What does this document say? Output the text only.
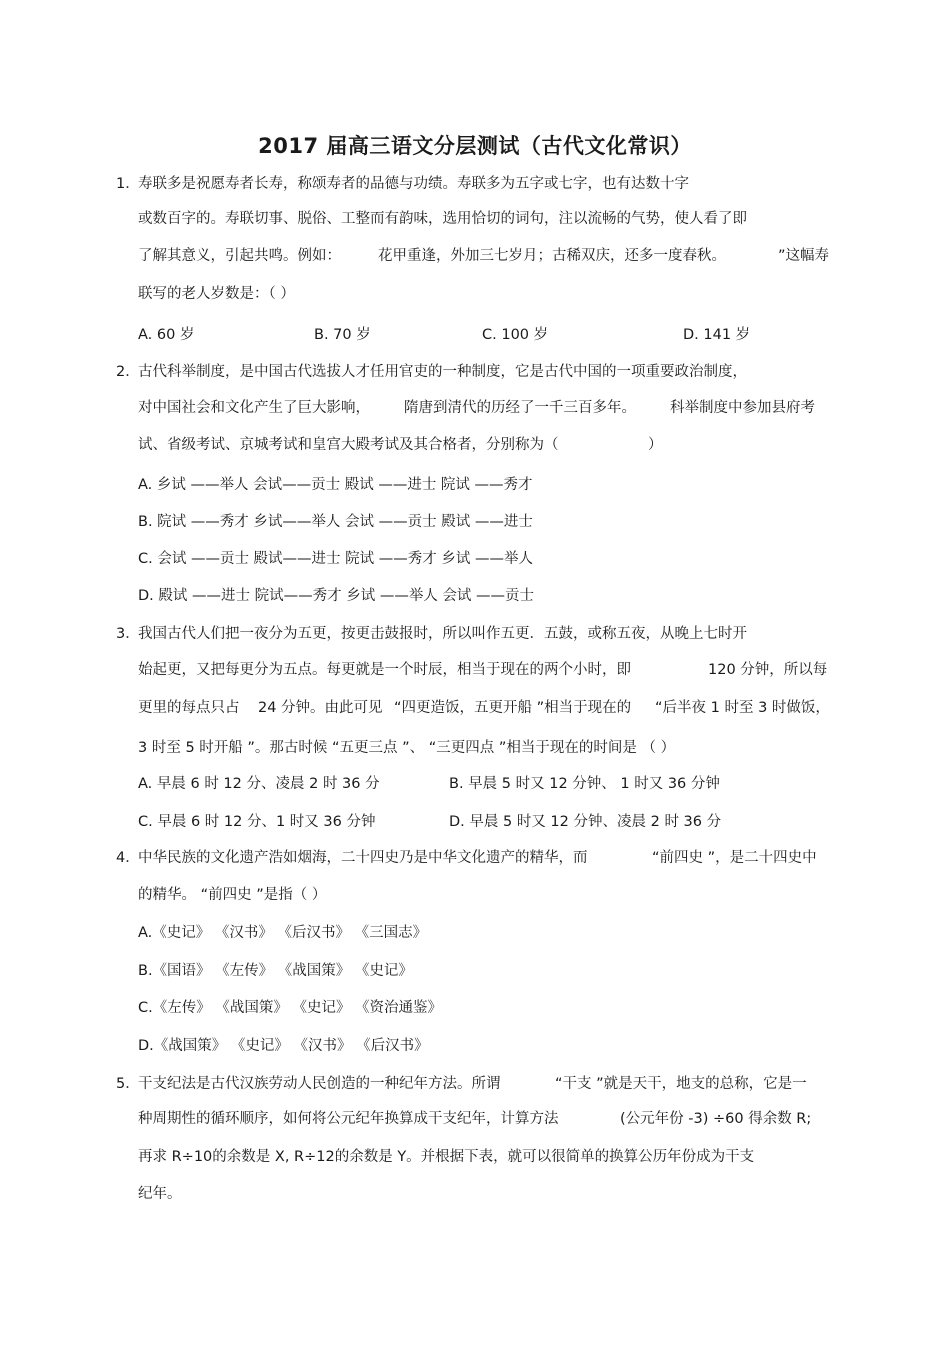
2017 届高三语文分层测试（古代文化常识）
1．
寿联多是祝愿寿者长寿，称颂寿者的品德与功绩。寿联多为五字或七字，也有达数十字
或数百字的。寿联切事、脱俗、工整而有韵味，选用恰切的词句，注以流畅的气势，使人看了即
了解其意义，引起共鸣。例如：	花甲重逢，外加三七岁月；古稀双庆，还多一度春秋。	”这幅寿
联写的老人岁数是：（ ）
A. 60 岁	B. 70 岁	C. 100 岁	D. 141 岁
2．
古代科举制度，是中国古代选拔人才任用官吏的一种制度，它是古代中国的一项重要政治制度，
对中国社会和文化产生了巨大影响， 隋唐到清代的历经了一千三百多年。 科举制度中参加县府考
试、省级考试、京城考试和皇宫大殿考试及其合格者，分别称为（	）
A. 乡试 ——举人 会试——贡士 殿试 ——进士 院试 ——秀才
B. 院试 ——秀才 乡试——举人 会试 ——贡士 殿试 ——进士
C. 会试 ——贡士 殿试——进士 院试 ——秀才 乡试 ——举人
D. 殿试 ——进士 院试——秀才 乡试 ——举人 会试 ——贡士
3．
我国古代人们把一夜分为五更，按更击鼓报时，所以叫作五更．五鼓，或称五夜，从晚上七时开
始起更，又把每更分为五点。每更就是一个时辰，相当于现在的两个小时，即	120 分钟，所以每
更里的每点只占 24 分钟。由此可见 “四更造饭，五更开船 ”相当于现在的 “后半夜 1 时至 3 时做饭，
3 时至 5 时开船 ”。那古时候 “五更三点 ”、 “三更四点 ”相当于现在的时间是 （ ）
A. 早晨 6 时 12 分、凌晨 2 时 36 分	B. 早晨 5 时又 12 分钟、 1 时又 36 分钟
C. 早晨 6 时 12 分、1 时又 36 分钟	D. 早晨 5 时又 12 分钟、凌晨 2 时 36 分
4．
中华民族的文化遗产浩如烟海，二十四史乃是中华文化遗产的精华，而	“前四史 ”，是二十四史中
的精华。 “前四史 ”是指（ ）
A.《史记》 《汉书》 《后汉书》 《三国志》
B.《国语》 《左传》 《战国策》 《史记》
C.《左传》 《战国策》 《史记》 《资治通鉴》
D.《战国策》 《史记》 《汉书》 《后汉书》
5．
干支纪法是古代汉族劳动人民创造的一种纪年方法。所谓	“干支 ”就是天干，地支的总称，它是一
种周期性的循环顺序，如何将公元纪年换算成干支纪年，计算方法	(公元年份 -3) ÷60 得余数 R;
再求 R÷10的余数是 X, R÷12的余数是 Y。并根据下表，就可以很简单的换算公历年份成为干支
纪年。
